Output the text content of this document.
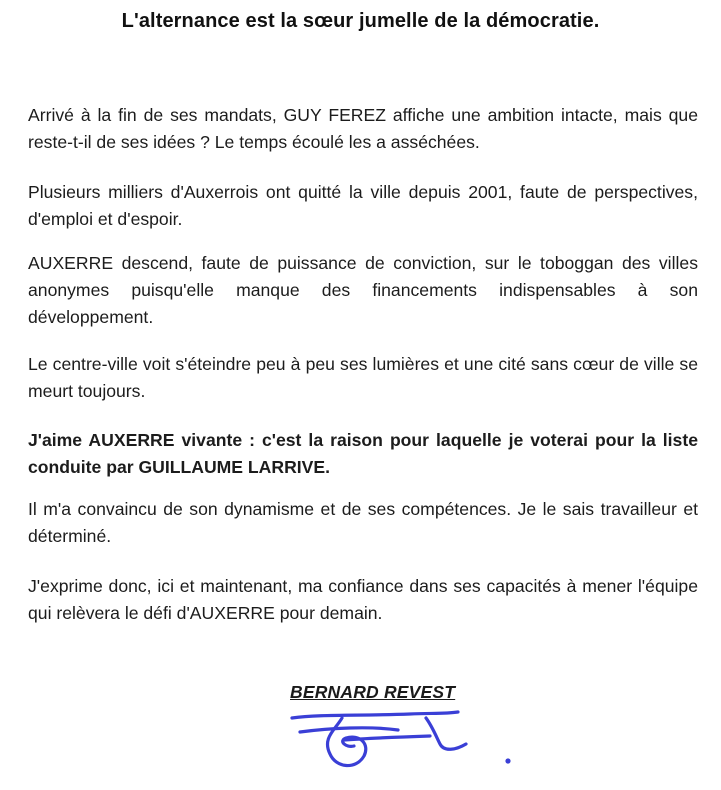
L'alternance est la sœur jumelle de la démocratie.
Arrivé à la fin de ses mandats, GUY FEREZ affiche une ambition intacte, mais que reste-t-il de ses idées ? Le temps écoulé les a asséchées.
Plusieurs milliers d'Auxerrois ont quitté la ville depuis 2001, faute de perspectives, d'emploi et d'espoir.
AUXERRE descend, faute de puissance de conviction, sur le toboggan des villes anonymes puisqu'elle manque des financements indispensables à son développement.
Le centre-ville voit s'éteindre peu à peu ses lumières et une cité sans cœur de ville se meurt toujours.
J'aime AUXERRE vivante : c'est la raison pour laquelle je voterai pour la liste conduite par GUILLAUME LARRIVE.
Il m'a convaincu de son dynamisme et de ses compétences. Je le sais travailleur et déterminé.
J'exprime donc, ici et maintenant, ma confiance dans ses capacités à mener l'équipe qui relèvera le défi d'AUXERRE pour demain.
BERNARD REVEST
